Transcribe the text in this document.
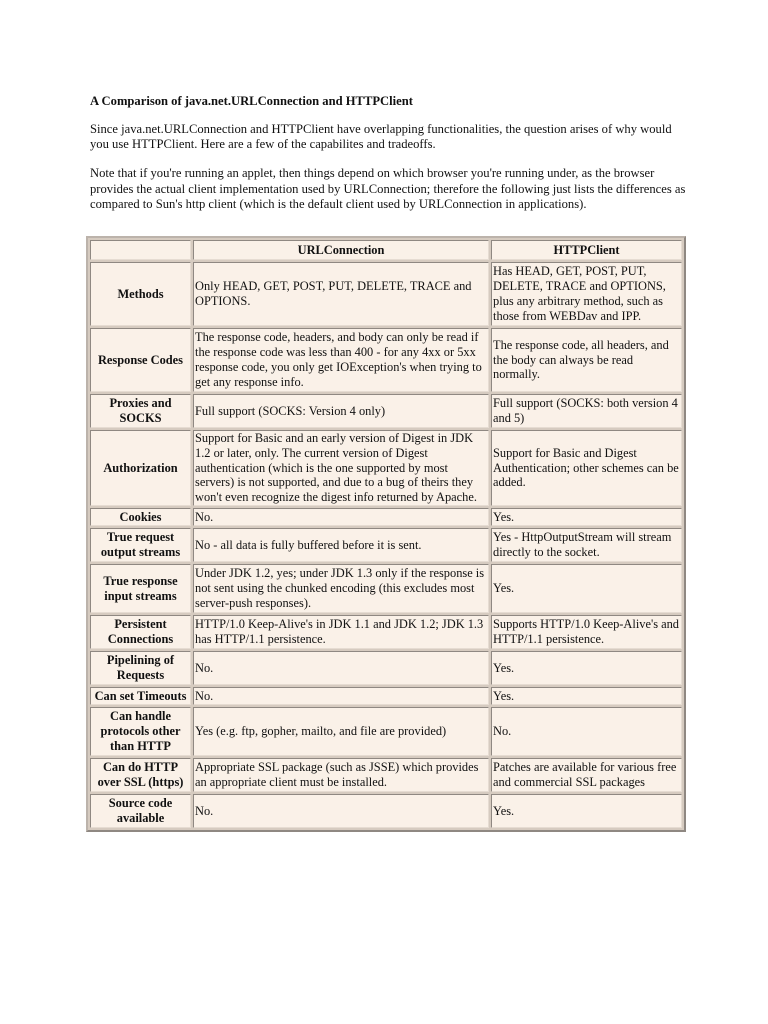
A Comparison of java.net.URLConnection and HTTPClient

Since java.net.URLConnection and HTTPClient have overlapping functionalities, the question arises of why would you use HTTPClient. Here are a few of the capabilites and tradeoffs.

Note that if you're running an applet, then things depend on which browser you're running under, as the browser provides the actual client implementation used by URLConnection; therefore the following just lists the differences as compared to Sun's http client (which is the default client used by URLConnection in applications).

	URLConnection	HTTPClient
Methods	Only HEAD, GET, POST, PUT, DELETE, TRACE and OPTIONS.	Has HEAD, GET, POST, PUT, DELETE, TRACE and OPTIONS, plus any arbitrary method, such as those from WEBDav and IPP.
Response Codes	The response code, headers, and body can only be read if the response code was less than 400 - for any 4xx or 5xx response code, you only get IOException's when trying to get any response info.	The response code, all headers, and the body can always be read normally.
Proxies and SOCKS	Full support (SOCKS: Version 4 only)	Full support (SOCKS: both version 4 and 5)
Authorization	Support for Basic and an early version of Digest in JDK 1.2 or later, only. The current version of Digest authentication (which is the one supported by most servers) is not supported, and due to a bug of theirs they won't even recognize the digest info returned by Apache.	Support for Basic and Digest Authentication; other schemes can be added.
Cookies	No.	Yes.
True request output streams	No - all data is fully buffered before it is sent.	Yes - HttpOutputStream will stream directly to the socket.
True response input streams	Under JDK 1.2, yes; under JDK 1.3 only if the response is not sent using the chunked encoding (this excludes most server-push responses).	Yes.
Persistent Connections	HTTP/1.0 Keep-Alive's in JDK 1.1 and JDK 1.2; JDK 1.3 has HTTP/1.1 persistence.	Supports HTTP/1.0 Keep-Alive's and HTTP/1.1 persistence.
Pipelining of Requests	No.	Yes.
Can set Timeouts	No.	Yes.
Can handle protocols other than HTTP	Yes (e.g. ftp, gopher, mailto, and file are provided)	No.
Can do HTTP over SSL (https)	Appropriate SSL package (such as JSSE) which provides an appropriate client must be installed.	Patches are available for various free and commercial SSL packages
Source code available	No.	Yes.
